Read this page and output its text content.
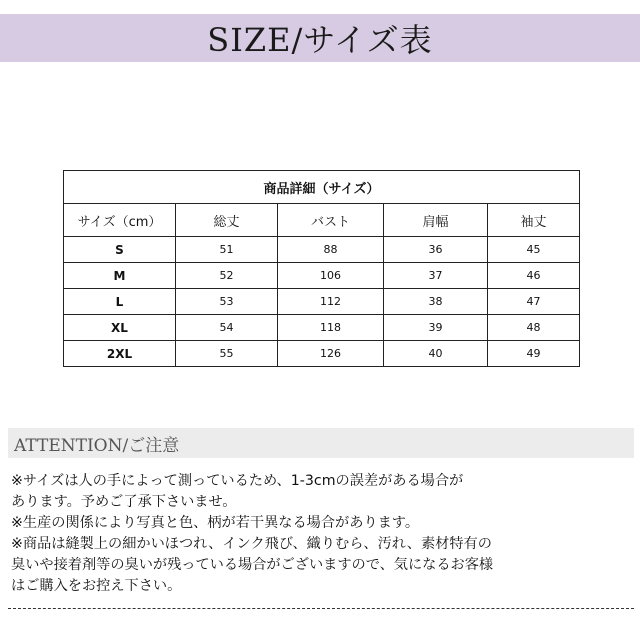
SIZE/サイズ表
商品詳細（サイズ）				
サイズ（cm）	総丈	バスト	肩幅	袖丈
S	51	88	36	45
M	52	106	37	46
L	53	112	38	47
XL	54	118	39	48
2XL	55	126	40	49
ATTENTION/ご注意
※サイズは人の手によって測っているため、1-3cmの誤差がある場合が
あります。予めご了承下さいませ。
※生産の関係により写真と色、柄が若干異なる場合があります。
※商品は縫製上の細かいほつれ、インク飛び、織りむら、汚れ、素材特有の
臭いや接着剤等の臭いが残っている場合がございますので、気になるお客様
はご購入をお控え下さい。
